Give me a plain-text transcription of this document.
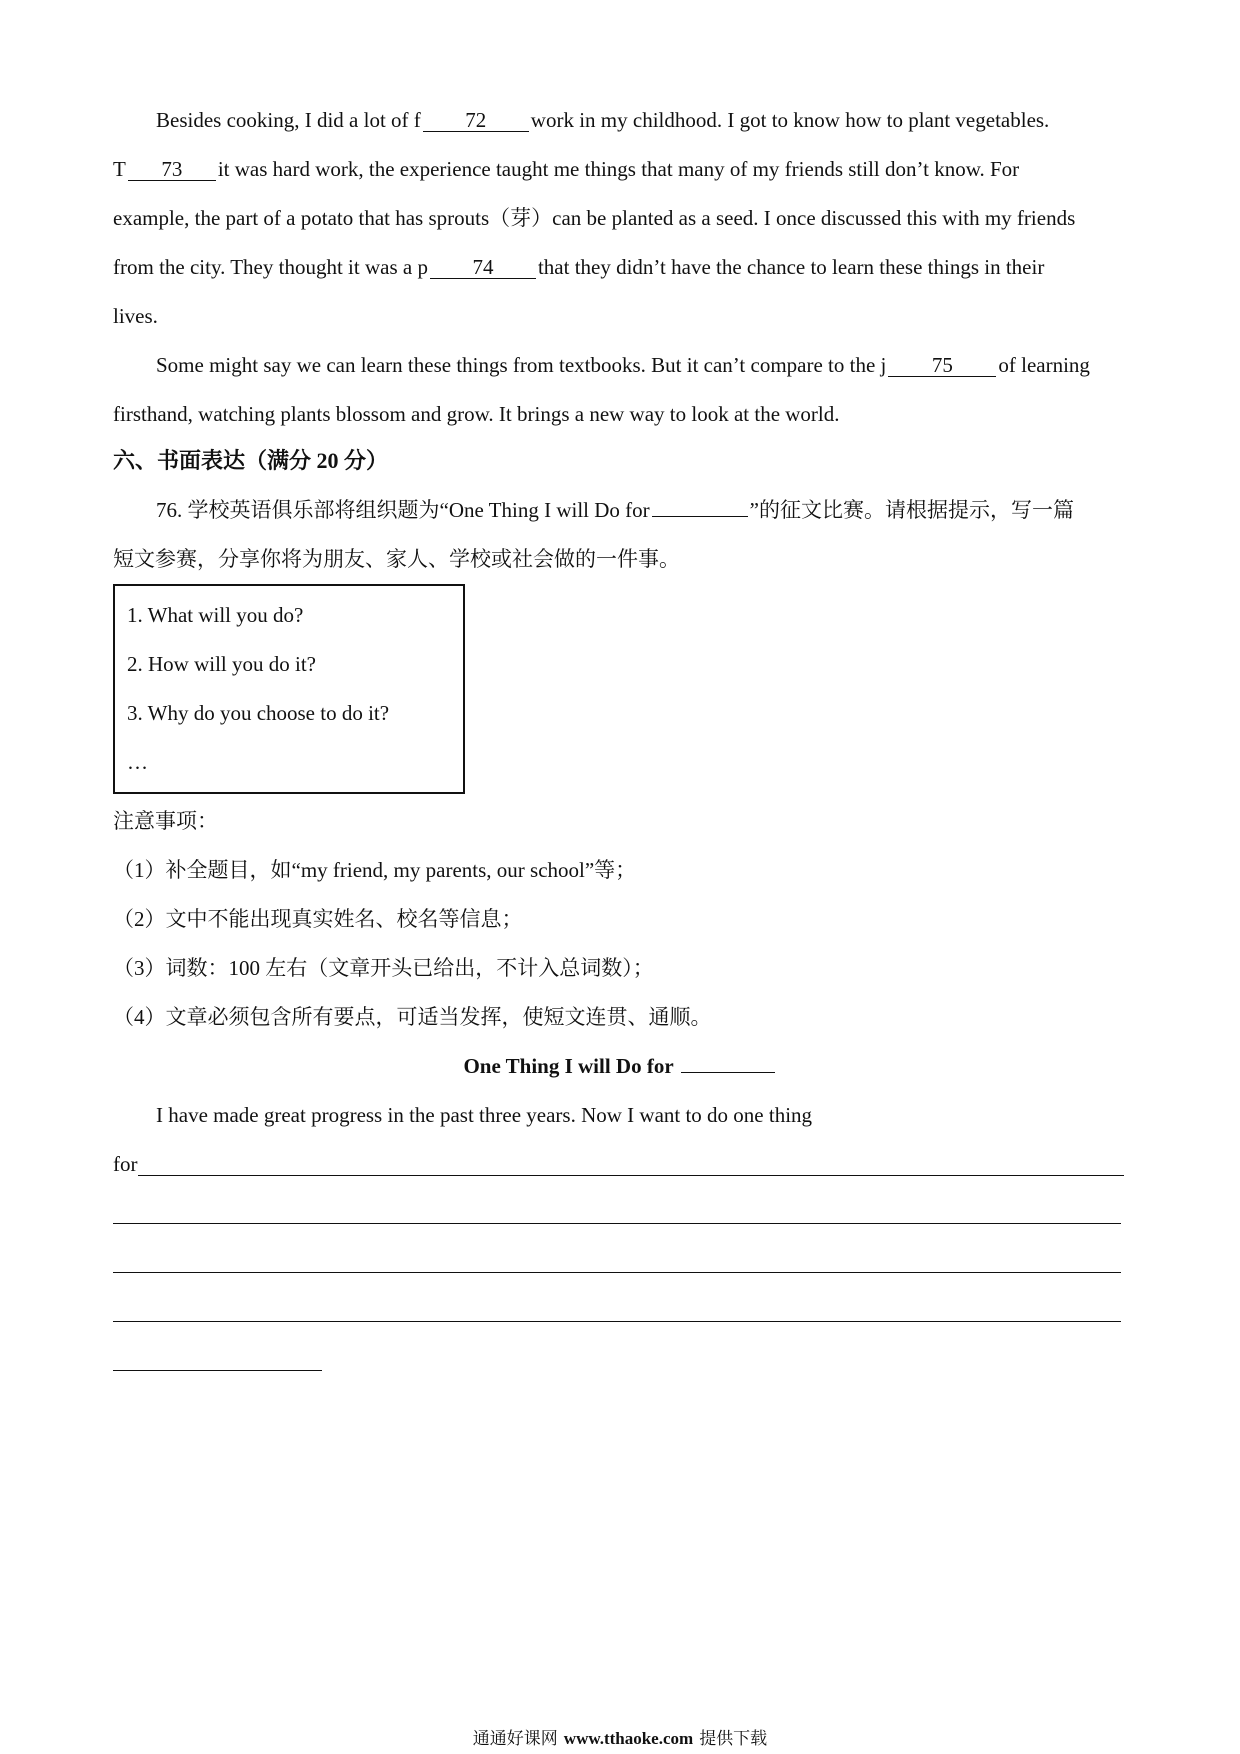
Besides cooking, I did a lot of f 72 work in my childhood. I got to know how to plant vegetables.
T 73 it was hard work, the experience taught me things that many of my friends still don’t know. For
example, the part of a potato that has sprouts（芽）can be planted as a seed. I once discussed this with my friends
from the city. They thought it was a p 74 that they didn’t have the chance to learn these things in their
lives.
Some might say we can learn these things from textbooks. But it can’t compare to the j 75 of learning
firsthand, watching plants blossom and grow. It brings a new way to look at the world.
六、书面表达（满分 20 分）
76. 学校英语俱乐部将组织题为“One Thing I will Do for	”的征文比赛。请根据提示，写一篇
短文参赛，分享你将为朋友、家人、学校或社会做的一件事。
1. What will you do?
2. How will you do it?
3. Why do you choose to do it?
…
注意事项：
（1）补全题目，如“my friend, my parents, our school”等；
（2）文中不能出现真实姓名、校名等信息；
（3）词数：100 左右（文章开头已给出，不计入总词数）；
（4）文章必须包含所有要点，可适当发挥，使短文连贯、通顺。
One Thing I will Do for
I have made great progress in the past three years. Now I want to do one thing
for
通通好课网 www.tthaoke.com 提供下载
